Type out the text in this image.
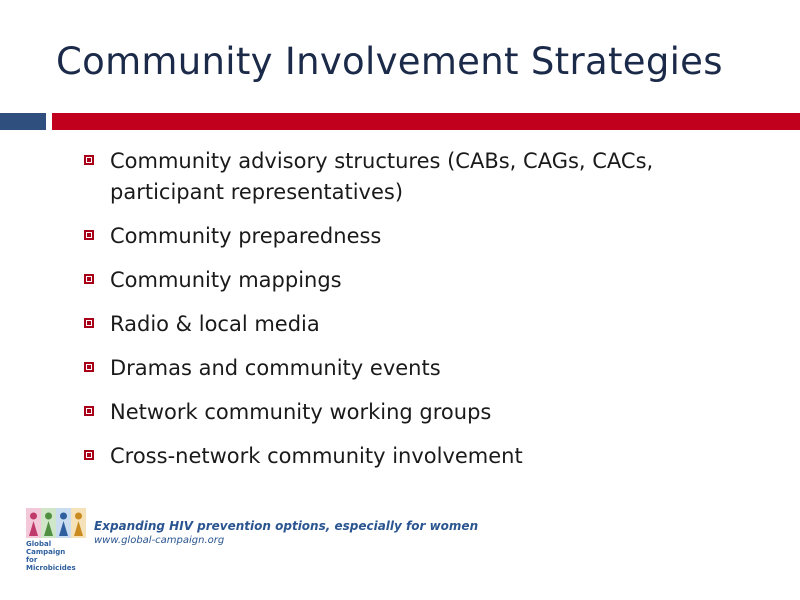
Community Involvement Strategies
Community advisory structures (CABs, CAGs, CACs,
participant representatives)
Community preparedness
Community mappings
Radio & local media
Dramas and community events
Network community working groups
Cross-network community involvement
Global Campaign
for Microbicides
Expanding HIV prevention options, especially for women
www.global-campaign.org
